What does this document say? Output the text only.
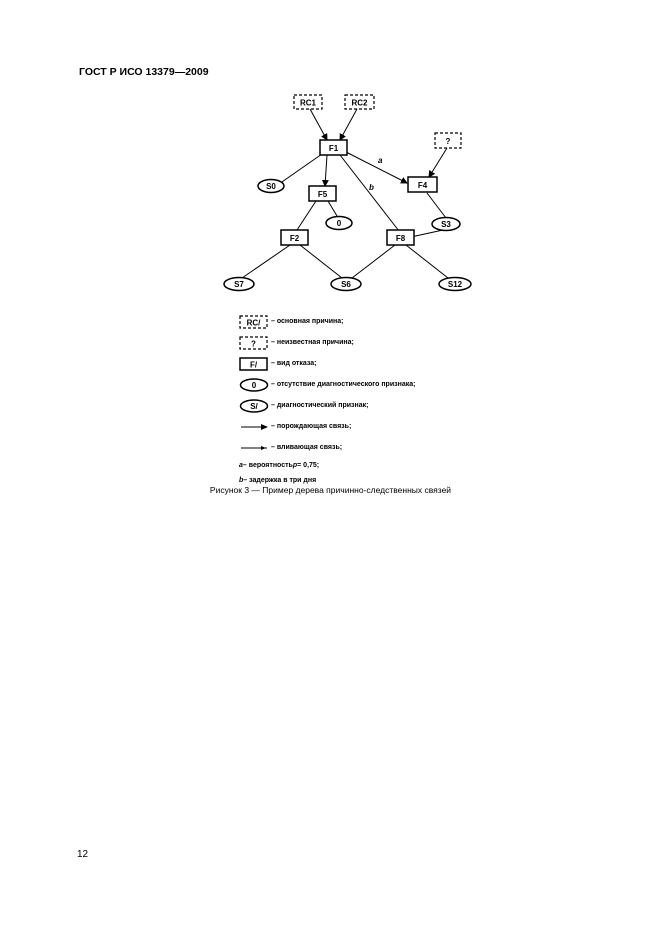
ГОСТ Р ИСО 13379—2009
RC1	RC2
?
F1
F4
F5
F2	F8
S0
0	S3
S7	S6	S12
a
b
RC/ – основная причина;
? – неизвестная причина;
F/ – вид отказа;
0 – отсутствие диагностического признака;
S/ – диагностический признак;
– порождающая связь;
– вливающая связь;
a – вероятность p = 0,75;
b – задержка в три дня
Рисунок 3 — Пример дерева причинно-следственных связей
12
